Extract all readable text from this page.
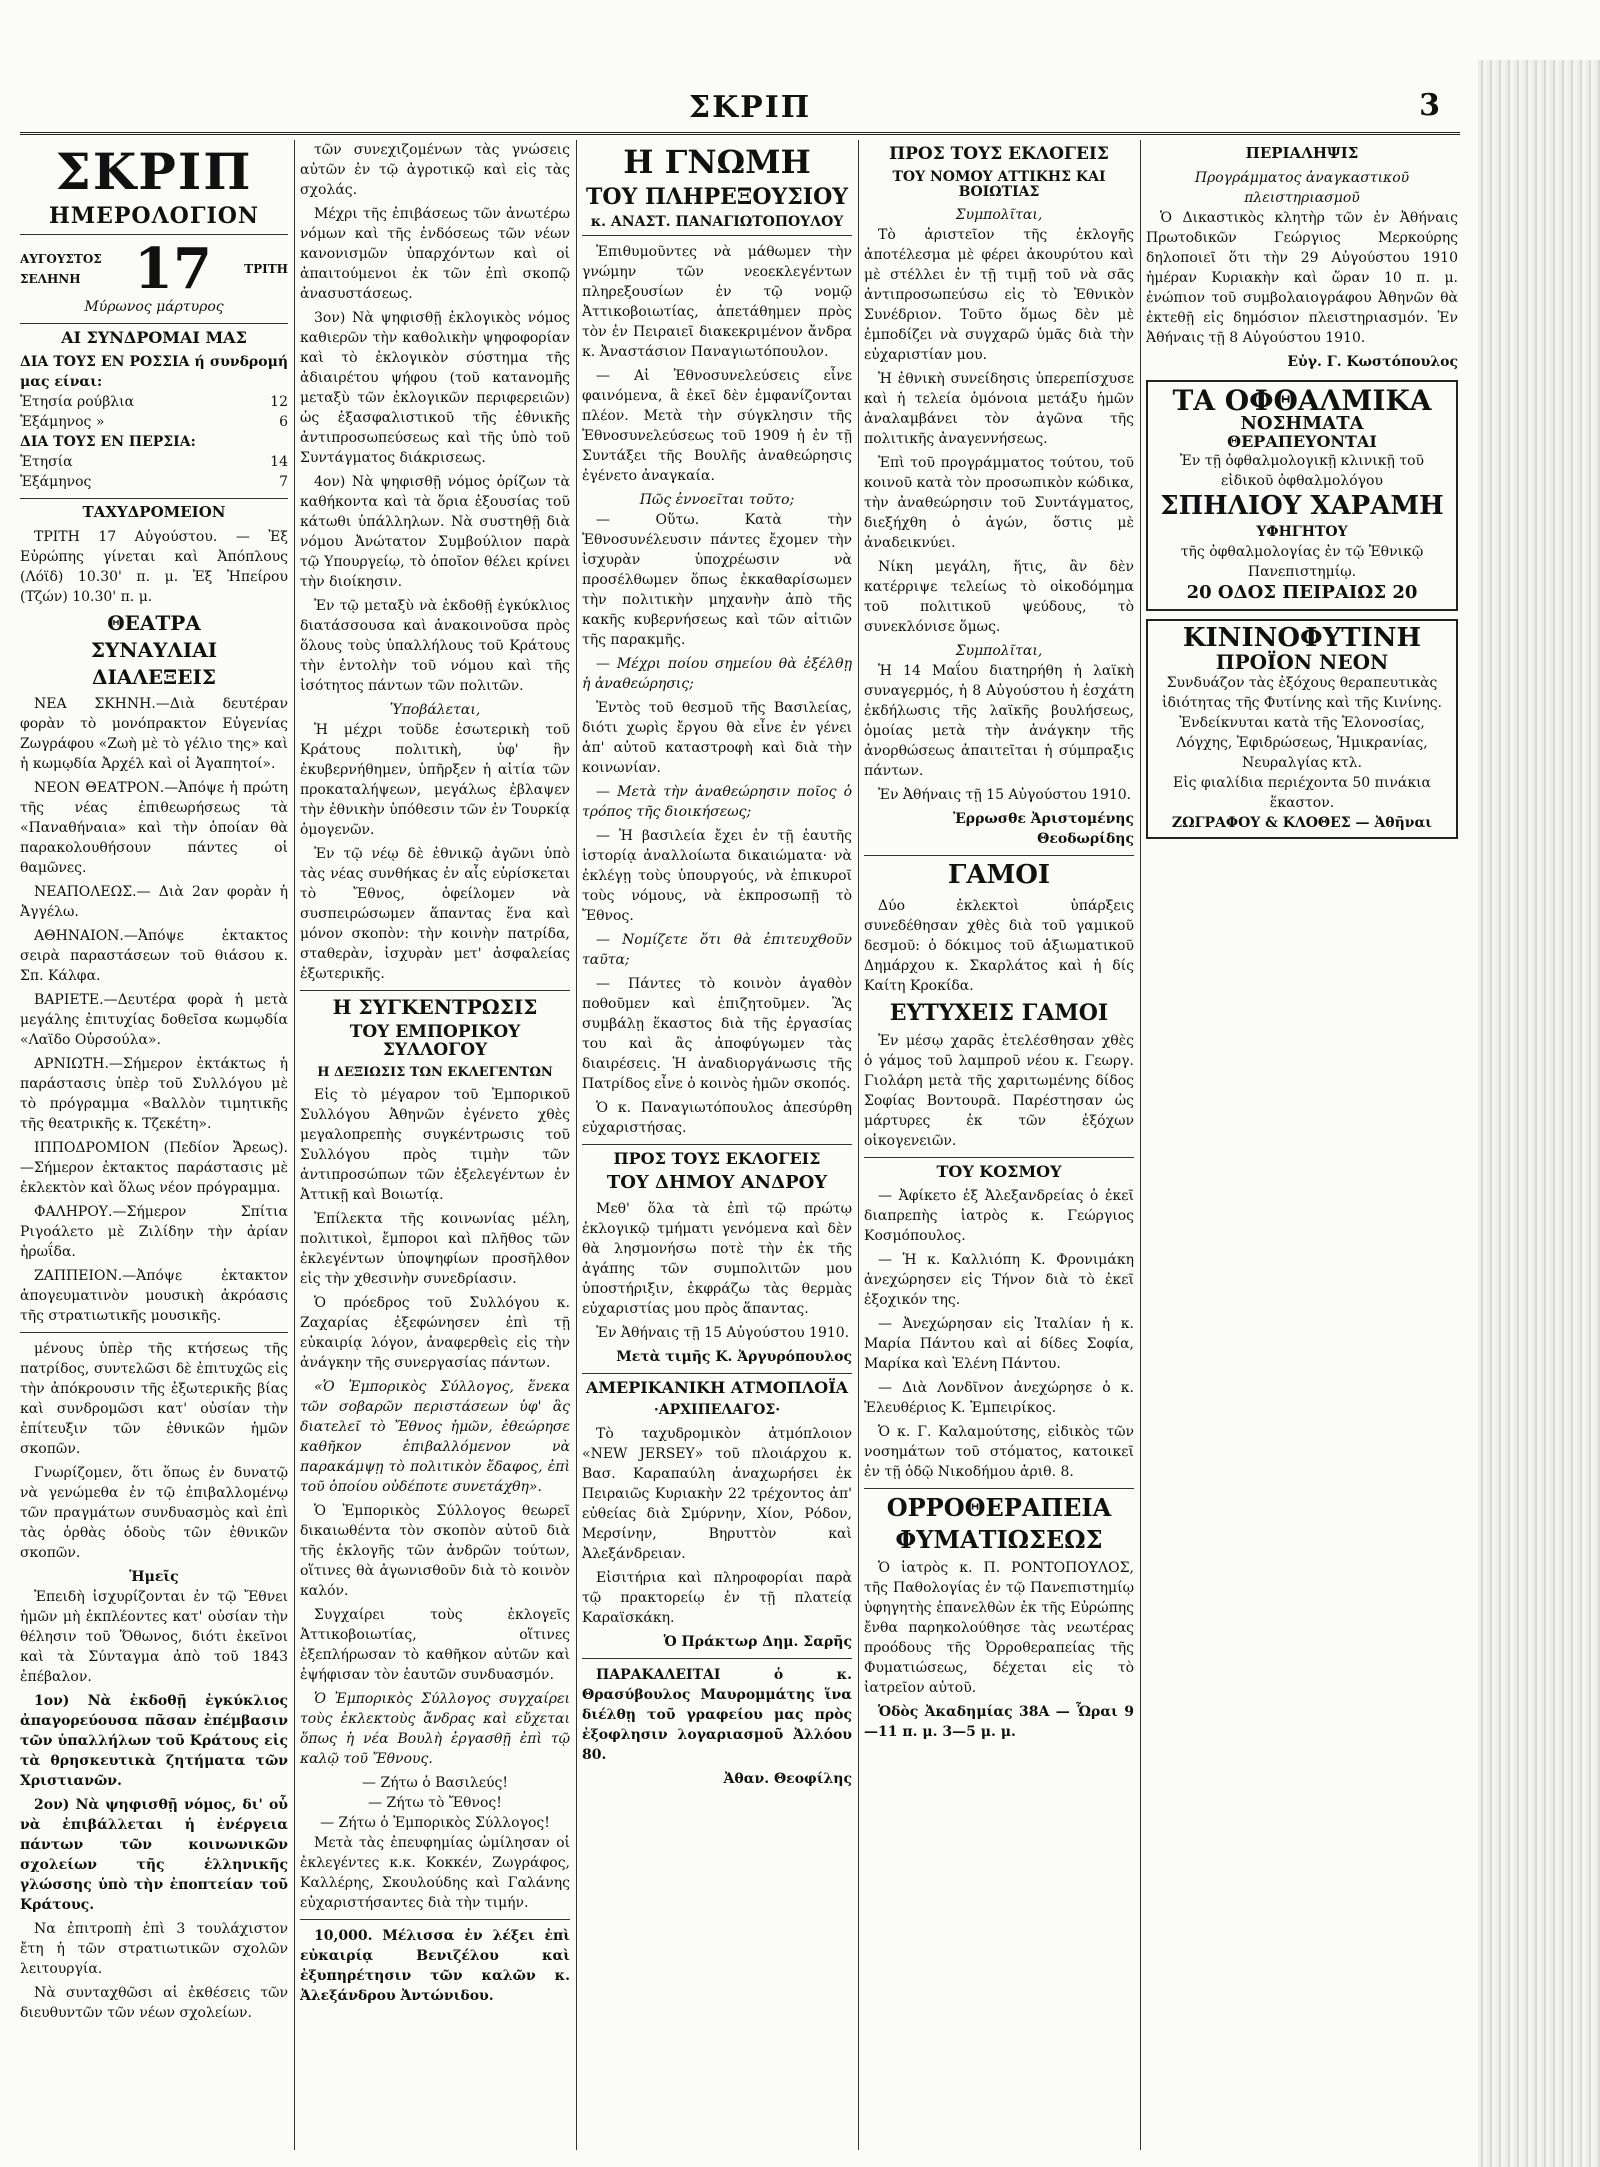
ΣΚΡΙΠ	3
ΣΚΡΙΠ
ΗΜΕΡΟΛΟΓΙΟΝ
ΑΥΓΟΥΣΤΟΣ
ΣΕΛΗΝΗ 17	ΤΡΙΤΗ
Μύρωνος μάρτυρος
ΑΙ ΣΥΝΔΡΟΜΑΙ ΜΑΣ
ΔΙΑ ΤΟΥΣ ΕΝ ΡΟΣΣΙΑ ή συνδρομή μας είναι:
Ἐτησία ρούβλια	12
Ἐξάμηνος »	6
ΔΙΑ ΤΟΥΣ ΕΝ ΠΕΡΣΙΑ:
Ἐτησία	14
Ἐξάμηνος	7
ΤΑΧΥΔΡΟΜΕΙΟΝ

ΤΡΙΤΗ 17 Αὐγούστου. — Ἐξ Εὐρώπης γίνεται καὶ Ἀπόπλους (Λόϊδ) 10.30' π. μ. Ἐξ Ἠπείρου (Τζών) 10.30' π. μ.

ΘΕΑΤΡΑ
ΣΥΝΑΥΛΙΑΙ
ΔΙΑΛΕΞΕΙΣ

ΝΕΑ ΣΚΗΝΗ.—Διὰ δευτέραν φορὰν τὸ μονόπρακτον Εὐγενίας Ζωγράφου «Ζωὴ μὲ τὸ γέλιο της» καὶ ἡ κωμῳδία Ἀρχέλ καὶ οἱ Ἀγαπητοί».

ΝΕΟΝ ΘΕΑΤΡΟΝ.—Ἀπόψε ἡ πρώτη τῆς νέας ἐπιθεωρήσεως τὰ «Παναθήναια» καὶ τὴν ὁποίαν θὰ παρακολουθήσουν πάντες οἱ θαμῶνες.

ΝΕΑΠΟΛΕΩΣ.— Διὰ 2αν φορὰν ἡ Ἀγγέλω.

ΑΘΗΝΑΙΟΝ.—Ἀπόψε ἐκτακτος σειρὰ παραστάσεων τοῦ θιάσου κ. Σπ. Κάλφα.

ΒΑΡΙΕΤΕ.—Δευτέρα φορὰ ἡ μετὰ μεγάλης ἐπιτυχίας δοθεῖσα κωμῳδία «Λαϊδο Οὐρσούλα».

ΑΡΝΙΩΤΗ.—Σήμερον ἐκτάκτως ἡ παράστασις ὑπὲρ τοῦ Συλλόγου μὲ τὸ πρόγραμμα «Βαλλὸν τιμητικῆς τῆς θεατρικῆς κ. Τζεκέτη».

ΙΠΠΟΔΡΟΜΙΟΝ (Πεδίον Ἄρεως). —Σήμερον ἐκτακτος παράστασις μὲ ἐκλεκτὸν καὶ ὅλως νέον πρόγραμμα.

ΦΑΛΗΡΟΥ.—Σήμερον Σπίτια Ριγοάλετο μὲ Ζιλίδην τὴν ἀρίαν ἡρωΐδα.

ΖΑΠΠΕΙΟΝ.—Ἀπόψε ἐκτακτον ἀπογευματινὸν μουσικὴ ἀκρόασις τῆς στρατιωτικῆς μουσικῆς.

μένους ὑπὲρ τῆς κτήσεως τῆς πατρίδος, συντελῶσι δὲ ἐπιτυχῶς εἰς τὴν ἀπόκρουσιν τῆς ἐξωτερικῆς βίας καὶ συνδρομῶσι κατ' οὐσίαν τὴν ἐπίτευξιν τῶν ἐθνικῶν ἡμῶν σκοπῶν.

Γνωρίζομεν, ὅτι ὅπως ἐν δυνατῷ νὰ γενώμεθα ἐν τῷ ἐπιβαλλομένῳ τῶν πραγμάτων συνδυασμὸς καὶ ἐπὶ τὰς ὀρθὰς ὁδοὺς τῶν ἐθνικῶν σκοπῶν.

Ἡμεῖς

Ἐπειδὴ ἰσχυρίζονται ἐν τῷ Ἔθνει ἡμῶν μὴ ἐκπλέοντες κατ' οὐσίαν τὴν θέλησιν τοῦ Ὅθωνος, διότι ἐκεῖνοι καὶ τὰ Σύνταγμα ἀπὸ τοῦ 1843 ἐπέβαλον.

1ον) Νὰ ἐκδοθῇ ἐγκύκλιος ἀπαγορεύουσα πᾶσαν ἐπέμβασιν τῶν ὑπαλλήλων τοῦ Κράτους εἰς τὰ θρησκευτικὰ ζητήματα τῶν Χριστιανῶν.

2ον) Νὰ ψηφισθῇ νόμος, δι' οὗ νὰ ἐπιβάλλεται ἡ ἐνέργεια πάντων τῶν κοινωνικῶν σχολείων τῆς ἑλληνικῆς γλώσσης ὑπὸ τὴν ἐποπτείαν τοῦ Κράτους.

Να ἐπιτροπὴ ἐπὶ 3 τουλάχιστον ἔτη ἡ τῶν στρατιωτικῶν σχολῶν λειτουργία.

Νὰ συνταχθῶσι αἱ ἐκθέσεις τῶν διευθυντῶν τῶν νέων σχολείων.

τῶν συνεχιζομένων τὰς γνώσεις αὐτῶν ἐν τῷ ἀγροτικῷ καὶ εἰς τὰς σχολάς.

Μέχρι τῆς ἐπιβάσεως τῶν ἀνωτέρω νόμων καὶ τῆς ἐνδόσεως τῶν νέων κανονισμῶν ὑπαρχόντων καὶ οἱ ἀπαιτούμενοι ἐκ τῶν ἐπὶ σκοπῷ ἀνασυστάσεως.

3ον) Νὰ ψηφισθῇ ἐκλογικὸς νόμος καθιερῶν τὴν καθολικὴν ψηφοφορίαν καὶ τὸ ἐκλογικὸν σύστημα τῆς ἀδιαιρέτου ψήφου (τοῦ κατανομῆς μεταξὺ τῶν ἐκλογικῶν περιφερειῶν) ὡς ἐξασφαλιστικοῦ τῆς ἐθνικῆς ἀντιπροσωπεύσεως καὶ τῆς ὑπὸ τοῦ Συντάγματος διάκρισεως.

4ον) Νὰ ψηφισθῇ νόμος ὁρίζων τὰ καθήκοντα καὶ τὰ ὅρια ἐξουσίας τοῦ κάτωθι ὑπάλληλων. Νὰ συστηθῇ διὰ νόμου Ἀνώτατον Συμβούλιον παρὰ τῷ Υπουργείῳ, τὸ ὁποῖον θέλει κρίνει τὴν διοίκησιν.

Ἐν τῷ μεταξὺ νὰ ἐκδοθῇ ἐγκύκλιος διατάσσουσα καὶ ἀνακοινοῦσα πρὸς ὅλους τοὺς ὑπαλλήλους τοῦ Κράτους τὴν ἐντολὴν τοῦ νόμου καὶ τῆς ἰσότητος πάντων τῶν πολιτῶν.

Ὑποβάλεται,

Ἡ μέχρι τοῦδε ἐσωτερικὴ τοῦ Κράτους πολιτικὴ, ὑφ' ἣν ἐκυβερνήθημεν, ὑπῆρξεν ἡ αἰτία τῶν προκαταλήψεων, μεγάλως ἐβλαψεν τὴν ἐθνικὴν ὑπόθεσιν τῶν ἐν Τουρκίᾳ ὁμογενῶν.

Ἐν τῷ νέῳ δὲ ἐθνικῷ ἀγῶνι ὑπὸ τὰς νέας συνθήκας ἐν αἷς εὑρίσκεται τὸ Ἔθνος, ὀφείλομεν νὰ συσπειρώσωμεν ἅπαντας ἕνα καὶ μόνον σκοπὸν: τὴν κοινὴν πατρίδα, σταθερὰν, ἰσχυρὰν μετ' ἀσφαλείας ἐξωτερικῆς.

Η ΣΥΓΚΕΝΤΡΩΣΙΣ
ΤΟΥ ΕΜΠΟΡΙΚΟΥ ΣΥΛΛΟΓΟΥ
Η ΔΕΞΙΩΣΙΣ ΤΩΝ ΕΚΛΕΓΕΝΤΩΝ

Εἰς τὸ μέγαρον τοῦ Ἐμπορικοῦ Συλλόγου Ἀθηνῶν ἐγένετο χθὲς μεγαλοπρεπὴς συγκέντρωσις τοῦ Συλλόγου πρὸς τιμὴν τῶν ἀντιπροσώπων τῶν ἐξελεγέντων ἐν Ἀττικῇ καὶ Βοιωτίᾳ.

Ἐπίλεκτα τῆς κοινωνίας μέλη, πολιτικοὶ, ἔμποροι καὶ πλῆθος τῶν ἐκλεγέντων ὑποψηφίων προσῆλθον εἰς τὴν χθεσινὴν συνεδρίασιν.

Ὁ πρόεδρος τοῦ Συλλόγου κ. Ζαχαρίας ἐξεφώνησεν ἐπὶ τῇ εὐκαιρίᾳ λόγον, ἀναφερθεὶς εἰς τὴν ἀνάγκην τῆς συνεργασίας πάντων.

«Ὁ Ἐμπορικὸς Σύλλογος, ἕνεκα τῶν σοβαρῶν περιστάσεων ὑφ' ἃς διατελεῖ τὸ Ἔθνος ἡμῶν, ἐθεώρησε καθῆκον ἐπιβαλλόμενον νὰ παρακάμψῃ τὸ πολιτικὸν ἔδαφος, ἐπὶ τοῦ ὁποίου οὐδέποτε συνετάχθη».

Ὁ Ἐμπορικὸς Σύλλογος θεωρεῖ δικαιωθέντα τὸν σκοπὸν αὐτοῦ διὰ τῆς ἐκλογῆς τῶν ἀνδρῶν τούτων, οἵτινες θὰ ἀγωνισθοῦν διὰ τὸ κοινὸν καλόν.

Συγχαίρει τοὺς ἐκλογεῖς Ἀττικοβοιωτίας, οἵτινες ἐξεπλήρωσαν τὸ καθῆκον αὐτῶν καὶ ἐψήφισαν τὸν ἑαυτῶν συνδυασμόν.

Ὁ Ἐμπορικὸς Σύλλογος συγχαίρει τοὺς ἐκλεκτοὺς ἄνδρας καὶ εὔχεται ὅπως ἡ νέα Βουλὴ ἐργασθῇ ἐπὶ τῷ καλῷ τοῦ Ἔθνους.

— Ζήτω ὁ Βασιλεύς!
— Ζήτω τὸ Ἔθνος!
— Ζήτω ὁ Ἐμπορικὸς Σύλλογος!

Μετὰ τὰς ἐπευφημίας ὡμίλησαν οἱ ἐκλεγέντες κ.κ. Κοκκέν, Ζωγράφος, Καλλέρης, Σκουλούδης καὶ Γαλάνης εὐχαριστήσαντες διὰ τὴν τιμήν.

10,000. Μέλισσα ἐν λέξει ἐπὶ εὐκαιρίᾳ Βενιζέλου καὶ ἐξυπηρέτησιν τῶν καλῶν κ. Ἀλεξάνδρου Ἀντώνιδου.

Η ΓΝΩΜΗ
ΤΟΥ ΠΛΗΡΕΞΟΥΣΙΟΥ
κ. ΑΝΑΣΤ. ΠΑΝΑΓΙΩΤΟΠΟΥΛΟΥ

Ἐπιθυμοῦντες νὰ μάθωμεν τὴν γνώμην τῶν νεοεκλεγέντων πληρεξουσίων ἐν τῷ νομῷ Ἀττικοβοιωτίας, ἀπετάθημεν πρὸς τὸν ἐν Πειραιεῖ διακεκριμένον ἄνδρα κ. Ἀναστάσιον Παναγιωτόπουλον.

— Αἱ Ἐθνοσυνελεύσεις εἶνε φαινόμενα, ἃ ἐκεῖ δὲν ἐμφανίζονται πλέον. Μετὰ τὴν σύγκλησιν τῆς Ἐθνοσυνελεύσεως τοῦ 1909 ἡ ἐν τῇ Συντάξει τῆς Βουλῆς ἀναθεώρησις ἐγένετο ἀναγκαία.

Πῶς ἐννοεῖται τοῦτο;

— Οὕτω. Κατὰ τὴν Ἐθνοσυνέλευσιν πάντες ἔχομεν τὴν ἰσχυρὰν ὑποχρέωσιν νὰ προσέλθωμεν ὅπως ἐκκαθαρίσωμεν τὴν πολιτικὴν μηχανὴν ἀπὸ τῆς κακῆς κυβερνήσεως καὶ τῶν αἰτιῶν τῆς παρακμῆς.

— Μέχρι ποίου σημείου θὰ ἐξέλθῃ ἡ ἀναθεώρησις;

Ἐντὸς τοῦ θεσμοῦ τῆς Βασιλείας, διότι χωρὶς ἔργου θὰ εἶνε ἐν γένει ἀπ' αὐτοῦ καταστροφὴ καὶ διὰ τὴν κοινωνίαν.

— Μετὰ τὴν ἀναθεώρησιν ποῖος ὁ τρόπος τῆς διοικήσεως;

— Ἡ βασιλεία ἔχει ἐν τῇ ἑαυτῆς ἱστορίᾳ ἀναλλοίωτα δικαιώματα· νὰ ἐκλέγῃ τοὺς ὑπουργούς, νὰ ἐπικυροῖ τοὺς νόμους, νὰ ἐκπροσωπῇ τὸ Ἔθνος.

— Νομίζετε ὅτι θὰ ἐπιτευχθοῦν ταῦτα;

— Πάντες τὸ κοινὸν ἀγαθὸν ποθοῦμεν καὶ ἐπιζητοῦμεν. Ἂς συμβάλῃ ἕκαστος διὰ τῆς ἐργασίας του καὶ ἂς ἀποφύγωμεν τὰς διαιρέσεις. Ἡ ἀναδιοργάνωσις τῆς Πατρίδος εἶνε ὁ κοινὸς ἡμῶν σκοπός.

Ὁ κ. Παναγιωτόπουλος ἀπεσύρθη εὐχαριστήσας.

ΠΡΟΣ ΤΟΥΣ ΕΚΛΟΓΕΙΣ
ΤΟΥ ΔΗΜΟΥ ΑΝΔΡΟΥ

Μεθ' ὅλα τὰ ἐπὶ τῷ πρώτῳ ἐκλογικῷ τμήματι γενόμενα καὶ δὲν θὰ λησμονήσω ποτὲ τὴν ἐκ τῆς ἀγάπης τῶν συμπολιτῶν μου ὑποστήριξιν, ἐκφράζω τὰς θερμὰς εὐχαριστίας μου πρὸς ἅπαντας.

Ἐν Ἀθήναις τῇ 15 Αὐγούστου 1910.

Μετὰ τιμῆς Κ. Ἀργυρόπουλος
ΑΜΕΡΙΚΑΝΙΚΗ ΑΤΜΟΠΛΟΪΑ
·ΑΡΧΙΠΕΛΑΓΟΣ·

Τὸ ταχυδρομικὸν ἀτμόπλοιον «NEW JERSEY» τοῦ πλοιάρχου κ. Βασ. Καραπαύλη ἀναχωρήσει ἐκ Πειραιῶς Κυριακὴν 22 τρέχοντος ἀπ' εὐθείας διὰ Σμύρνην, Χίον, Ρόδον, Μερσίνην, Βηρυττὸν καὶ Ἀλεξάνδρειαν.

Εἰσιτήρια καὶ πληροφορίαι παρὰ τῷ πρακτορείῳ ἐν τῇ πλατείᾳ Καραϊσκάκη.

Ὁ Πράκτωρ Δημ. Σαρῆς

ΠΑΡΑΚΑΛΕΙΤΑΙ ὁ κ. Θρασύβουλος Μαυρομμάτης ἵνα διέλθῃ τοῦ γραφείου μας πρὸς ἐξοφλησιν λογαριασμοῦ Ἀλλόου 80.

Ἀθαν. Θεοφίλης
ΠΡΟΣ ΤΟΥΣ ΕΚΛΟΓΕΙΣ
ΤΟΥ ΝΟΜΟΥ ΑΤΤΙΚΗΣ ΚΑΙ ΒΟΙΩΤΙΑΣ
Συμπολῖται,

Τὸ ἀριστεῖον τῆς ἐκλογῆς ἀποτέλεσμα μὲ φέρει ἀκουρύτου καὶ μὲ στέλλει ἐν τῇ τιμῇ τοῦ νὰ σᾶς ἀντιπροσωπεύσω εἰς τὸ Ἐθνικὸν Συνέδριον. Τοῦτο ὅμως δὲν μὲ ἐμποδίζει νὰ συγχαρῶ ὑμᾶς διὰ τὴν εὐχαριστίαν μου.

Ἡ ἐθνικὴ συνείδησις ὑπερεπίσχυσε καὶ ἡ τελεία ὁμόνοια μετάξυ ἡμῶν ἀναλαμβάνει τὸν ἀγῶνα τῆς πολιτικῆς ἀναγεννήσεως.

Ἐπὶ τοῦ προγράμματος τούτου, τοῦ κοινοῦ κατὰ τὸν προσωπικὸν κώδικα, τὴν ἀναθεώρησιν τοῦ Συντάγματος, διεξήχθη ὁ ἀγών, ὅστις μὲ ἀναδεικνύει.

Νίκη μεγάλη, ἥτις, ἂν δὲν κατέρριψε τελείως τὸ οἰκοδόμημα τοῦ πολιτικοῦ ψεύδους, τὸ συνεκλόνισε ὅμως.

Συμπολῖται,

Ἡ 14 Μαΐου διατηρήθη ἡ λαϊκὴ συναγερμός, ἡ 8 Αὐγούστου ἡ ἐσχάτη ἐκδήλωσις τῆς λαϊκῆς βουλήσεως, ὁμοίας μετὰ τὴν ἀνάγκην τῆς ἀνορθώσεως ἀπαιτεῖται ἡ σύμπραξις πάντων.

Ἐν Ἀθήναις τῇ 15 Αὐγούστου 1910.

Ἐρρωσθε Ἀριστομένης Θεοδωρίδης
ΓΑΜΟΙ

Δύο ἐκλεκτοὶ ὑπάρξεις συνεδέθησαν χθὲς διὰ τοῦ γαμικοῦ δεσμοῦ: ὁ δόκιμος τοῦ ἀξιωματικοῦ Δημάρχου κ. Σκαρλάτος καὶ ἡ δίς Καίτη Κροκίδα.

ΕΥΤΥΧΕΙΣ ΓΑΜΟΙ

Ἐν μέσῳ χαρᾶς ἐτελέσθησαν χθὲς ὁ γάμος τοῦ λαμπροῦ νέου κ. Γεωργ. Γιολάρη μετὰ τῆς χαριτωμένης δίδος Σοφίας Βοντουρᾶ. Παρέστησαν ὡς μάρτυρες ἐκ τῶν ἐξόχων οἰκογενειῶν.

ΤΟΥ ΚΟΣΜΟΥ

— Ἀφίκετο ἐξ Ἀλεξανδρείας ὁ ἐκεῖ διαπρεπὴς ἰατρὸς κ. Γεώργιος Κοσμόπουλος.

— Ἡ κ. Καλλιόπη Κ. Φρονιμάκη ἀνεχώρησεν εἰς Τήνον διὰ τὸ ἐκεῖ ἐξοχικόν της.

— Ἀνεχώρησαν εἰς Ἰταλίαν ἡ κ. Μαρία Πάντου καὶ αἱ δίδες Σοφία, Μαρίκα καὶ Ἑλένη Πάντου.

— Διὰ Λονδῖνον ἀνεχώρησε ὁ κ. Ἐλευθέριος Κ. Ἐμπειρίκος.

Ὁ κ. Γ. Καλαμούτσης, εἰδικὸς τῶν νοσημάτων τοῦ στόματος, κατοικεῖ ἐν τῇ ὁδῷ Νικοδήμου ἀριθ. 8.

ΟΡΡΟΘΕΡΑΠΕΙΑ
ΦΥΜΑΤΙΩΣΕΩΣ

Ὁ ἰατρὸς κ. Π. ΡΟΝΤΟΠΟΥΛΟΣ, τῆς Παθολογίας ἐν τῷ Πανεπιστημίῳ ὑφηγητὴς ἐπανελθὼν ἐκ τῆς Εὐρώπης ἔνθα παρηκολούθησε τὰς νεωτέρας προόδους τῆς Ὀρροθεραπείας τῆς Φυματιώσεως, δέχεται εἰς τὸ ἰατρεῖον αὐτοῦ.

Ὁδὸς Ἀκαδημίας 38Α — Ὧραι 9—11 π. μ. 3—5 μ. μ.

ΠΕΡΙΑΛΗΨΙΣ
Προγράμματος ἀναγκαστικοῦ πλειστηριασμοῦ

Ὁ Δικαστικὸς κλητὴρ τῶν ἐν Ἀθήναις Πρωτοδικῶν Γεώργιος Μερκούρης δηλοποιεῖ ὅτι τὴν 29 Αὐγούστου 1910 ἡμέραν Κυριακὴν καὶ ὥραν 10 π. μ. ἐνώπιον τοῦ συμβολαιογράφου Ἀθηνῶν θὰ ἐκτεθῇ εἰς δημόσιον πλειστηριασμόν. Ἐν Ἀθήναις τῇ 8 Αὐγούστου 1910.

Εὐγ. Γ. Κωστόπουλος
ΤΑ ΟΦΘΑΛΜΙΚΑ
ΝΟΣΗΜΑΤΑ
ΘΕΡΑΠΕΥΟΝΤΑΙ
Ἐν τῇ ὀφθαλμολογικῇ κλινικῇ τοῦ εἰδικοῦ ὀφθαλμολόγου
ΣΠΗΛΙΟΥ ΧΑΡΑΜΗ
ΥΦΗΓΗΤΟΥ
τῆς ὀφθαλμολογίας ἐν τῷ Ἐθνικῷ Πανεπιστημίῳ.
20 ΟΔΟΣ ΠΕΙΡΑΙΩΣ 20
ΚΙΝΙΝΟΦΥΤΙΝΗ
ΠΡΟΪΟΝ ΝΕΟΝ
Συνδυάζον τὰς ἐξόχους θεραπευτικὰς ἰδιότητας τῆς Φυτίνης καὶ τῆς Κινίνης.
Ἐνδείκνυται κατὰ τῆς Ἑλονοσίας, Λόγχης, Ἐφιδρώσεως, Ἡμικρανίας, Νευραλγίας κτλ.
Εἰς φιαλίδια περιέχοντα 50 πινάκια ἕκαστον.
ΖΩΓΡΑΦΟΥ & ΚΛΟΘΕΣ — Ἀθῆναι
